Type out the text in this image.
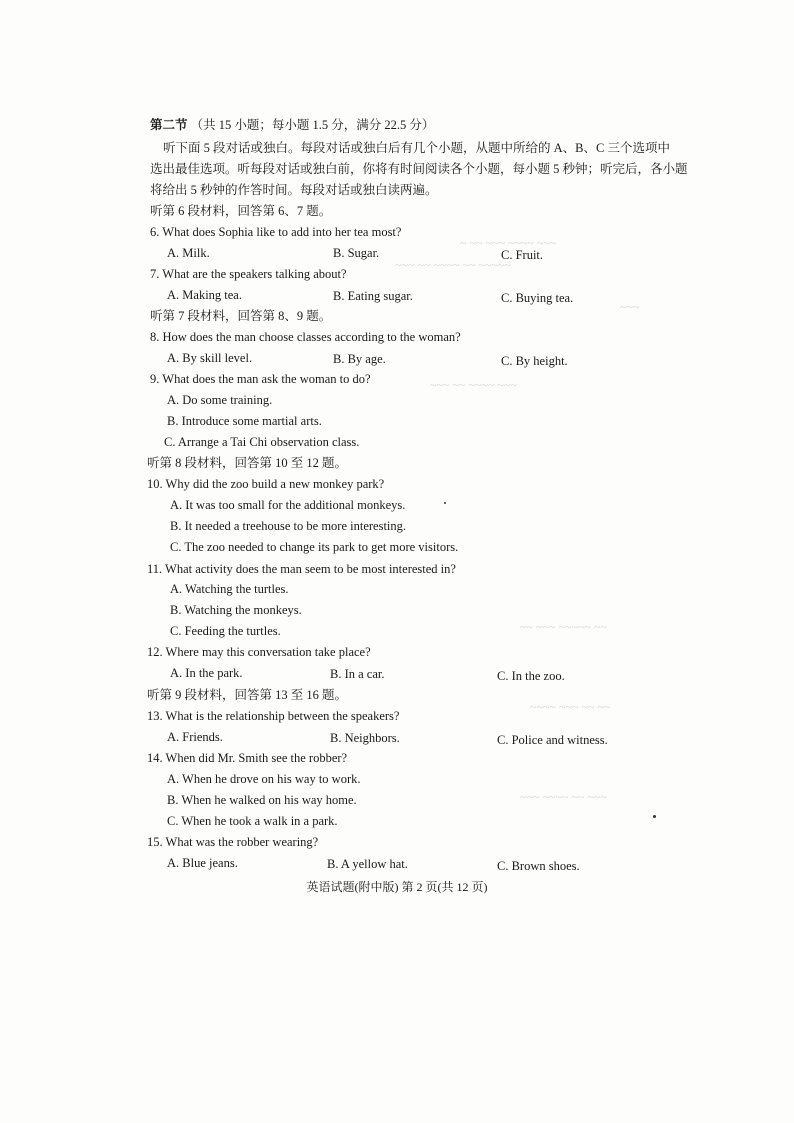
~ ~~ ~~~ ~~~~ ~~~
~~~ ~~ ~~~~ ~~ ~~~~~
~~~
~~~ ~~ ~~~~ ~~~
~~ ~~~ ~~~~~ ~~
~~~~ ~~~ ~~ ~~
~~~ ~~~~ ~~ ~~~
第二节 （共 15 小题；每小题 1.5 分，满分 22.5 分）
听下面 5 段对话或独白。每段对话或独白后有几个小题，从题中所给的 A、B、C 三个选项中
选出最佳选项。听每段对话或独白前，你将有时间阅读各个小题，每小题 5 秒钟；听完后，各小题
将给出 5 秒钟的作答时间。每段对话或独白读两遍。
听第 6 段材料，回答第 6、7 题。
6. What does Sophia like to add into her tea most?
A. Milk.	B. Sugar.	C. Fruit.
7. What are the speakers talking about?
A. Making tea.	B. Eating sugar.	C. Buying tea.
听第 7 段材料，回答第 8、9 题。
8. How does the man choose classes according to the woman?
A. By skill level.	B. By age.	C. By height.
9. What does the man ask the woman to do?
A. Do some training.
B. Introduce some martial arts.
C. Arrange a Tai Chi observation class.
听第 8 段材料，回答第 10 至 12 题。
10. Why did the zoo build a new monkey park?
A. It was too small for the additional monkeys.
B. It needed a treehouse to be more interesting.
C. The zoo needed to change its park to get more visitors.
11. What activity does the man seem to be most interested in?
A. Watching the turtles.
B. Watching the monkeys.
C. Feeding the turtles.
12. Where may this conversation take place?
A. In the park.	B. In a car.	C. In the zoo.
听第 9 段材料，回答第 13 至 16 题。
13. What is the relationship between the speakers?
A. Friends.	B. Neighbors.	C. Police and witness.
14. When did Mr. Smith see the robber?
A. When he drove on his way to work.
B. When he walked on his way home.
C. When he took a walk in a park.
15. What was the robber wearing?
A. Blue jeans.	B. A yellow hat.	C. Brown shoes.
英语试题(附中版) 第 2 页(共 12 页)
